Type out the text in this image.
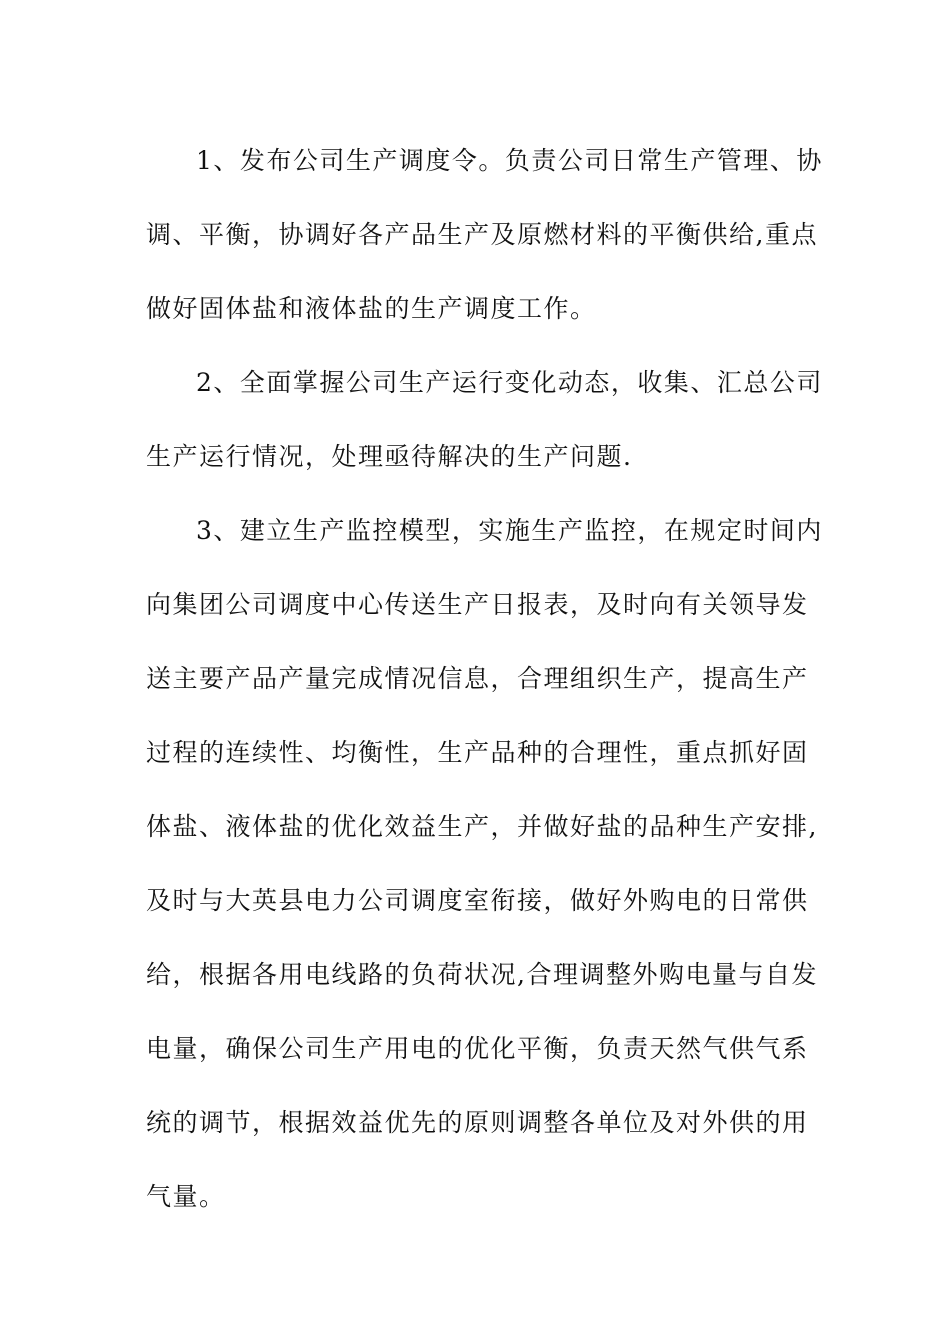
1、发布公司生产调度令。负责公司日常生产管理、协
调、平衡，协调好各产品生产及原燃材料的平衡供给,重点
做好固体盐和液体盐的生产调度工作。
2、全面掌握公司生产运行变化动态，收集、汇总公司
生产运行情况，处理亟待解决的生产问题.
3、建立生产监控模型，实施生产监控，在规定时间内
向集团公司调度中心传送生产日报表，及时向有关领导发
送主要产品产量完成情况信息，合理组织生产，提高生产
过程的连续性、均衡性，生产品种的合理性，重点抓好固
体盐、液体盐的优化效益生产，并做好盐的品种生产安排,
及时与大英县电力公司调度室衔接，做好外购电的日常供
给，根据各用电线路的负荷状况,合理调整外购电量与自发
电量，确保公司生产用电的优化平衡，负责天然气供气系
统的调节，根据效益优先的原则调整各单位及对外供的用
气量。
